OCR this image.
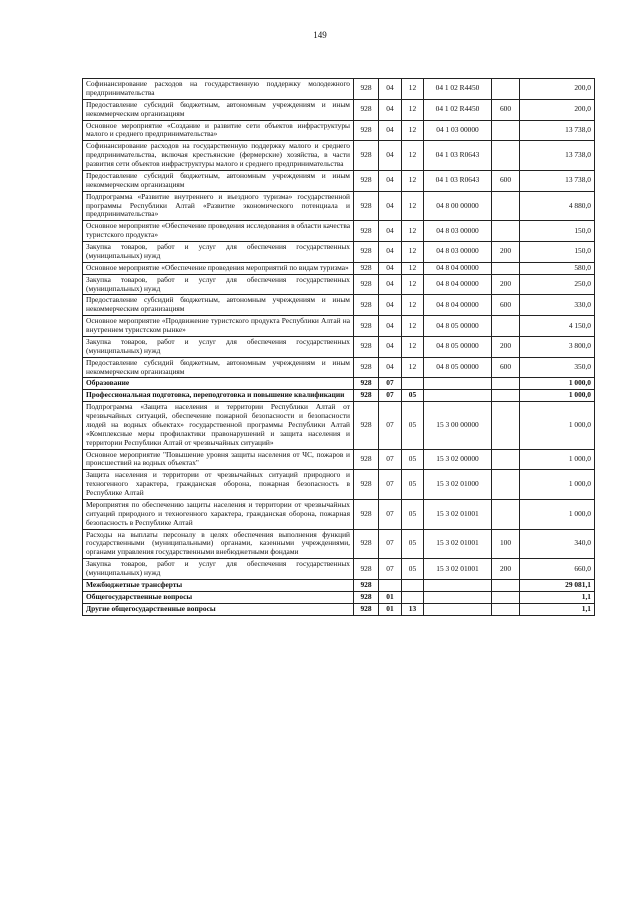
149
Софинансирование расходов на государственную поддержку молодежного предпринимательства	928	04	12	04 1 02 R4450		200,0
Предоставление субсидий бюджетным, автономным учреждениям и иным некоммерческим организациям	928	04	12	04 1 02 R4450	600	200,0
Основное мероприятие «Создание и развитие сети объектов инфраструктуры малого и среднего предпринимательства»	928	04	12	04 1 03 00000		13 738,0
Софинансирование расходов на государственную поддержку малого и среднего предпринимательства, включая крестьянские (фермерские) хозяйства, в части развития сети объектов инфраструктуры малого и среднего предпринимательства	928	04	12	04 1 03 R0643		13 738,0
Предоставление субсидий бюджетным, автономным учреждениям и иным некоммерческим организациям	928	04	12	04 1 03 R0643	600	13 738,0
Подпрограмма «Развитие внутреннего и въездного туризма» государственной программы Республики Алтай «Развитие экономического потенциала и предпринимательства»	928	04	12	04 8 00 00000		4 880,0
Основное мероприятие «Обеспечение проведения исследования в области качества туристского продукта»	928	04	12	04 8 03 00000		150,0
Закупка товаров, работ и услуг для обеспечения государственных (муниципальных) нужд	928	04	12	04 8 03 00000	200	150,0
Основное мероприятие «Обеспечение проведения мероприятий по видам туризма»	928	04	12	04 8 04 00000		580,0
Закупка товаров, работ и услуг для обеспечения государственных (муниципальных) нужд	928	04	12	04 8 04 00000	200	250,0
Предоставление субсидий бюджетным, автономным учреждениям и иным некоммерческим организациям	928	04	12	04 8 04 00000	600	330,0
Основное мероприятие «Продвижение туристского продукта Республики Алтай на внутреннем туристском рынке»	928	04	12	04 8 05 00000		4 150,0
Закупка товаров, работ и услуг для обеспечения государственных (муниципальных) нужд	928	04	12	04 8 05 00000	200	3 800,0
Предоставление субсидий бюджетным, автономным учреждениям и иным некоммерческим организациям	928	04	12	04 8 05 00000	600	350,0
Образование	928	07				1 000,0
Профессиональная подготовка, переподготовка и повышение квалификации	928	07	05			1 000,0
Подпрограмма «Защита населения и территории Республики Алтай от чрезвычайных ситуаций, обеспечение пожарной безопасности и безопасности людей на водных объектах» государственной программы Республики Алтай «Комплексные меры профилактики правонарушений и защита населения и территории Республики Алтай от чрезвычайных ситуаций»	928	07	05	15 3 00 00000		1 000,0
Основное мероприятие "Повышение уровня защиты населения от ЧС, пожаров и происшествий на водных объектах"	928	07	05	15 3 02 00000		1 000,0
Защита населения и территории от чрезвычайных ситуаций природного и техногенного характера, гражданская оборона, пожарная безопасность в Республике Алтай	928	07	05	15 3 02 01000		1 000,0
Мероприятия по обеспечению защиты населения и территории от чрезвычайных ситуаций природного и техногенного характера, гражданская оборона, пожарная безопасность в Республике Алтай	928	07	05	15 3 02 01001		1 000,0
Расходы на выплаты персоналу в целях обеспечения выполнения функций государственными (муниципальными) органами, казенными учреждениями, органами управления государственными внебюджетными фондами	928	07	05	15 3 02 01001	100	340,0
Закупка товаров, работ и услуг для обеспечения государственных (муниципальных) нужд	928	07	05	15 3 02 01001	200	660,0
Межбюджетные трансферты	928					29 081,1
Общегосударственные вопросы	928	01				1,1
Другие общегосударственные вопросы	928	01	13			1,1
